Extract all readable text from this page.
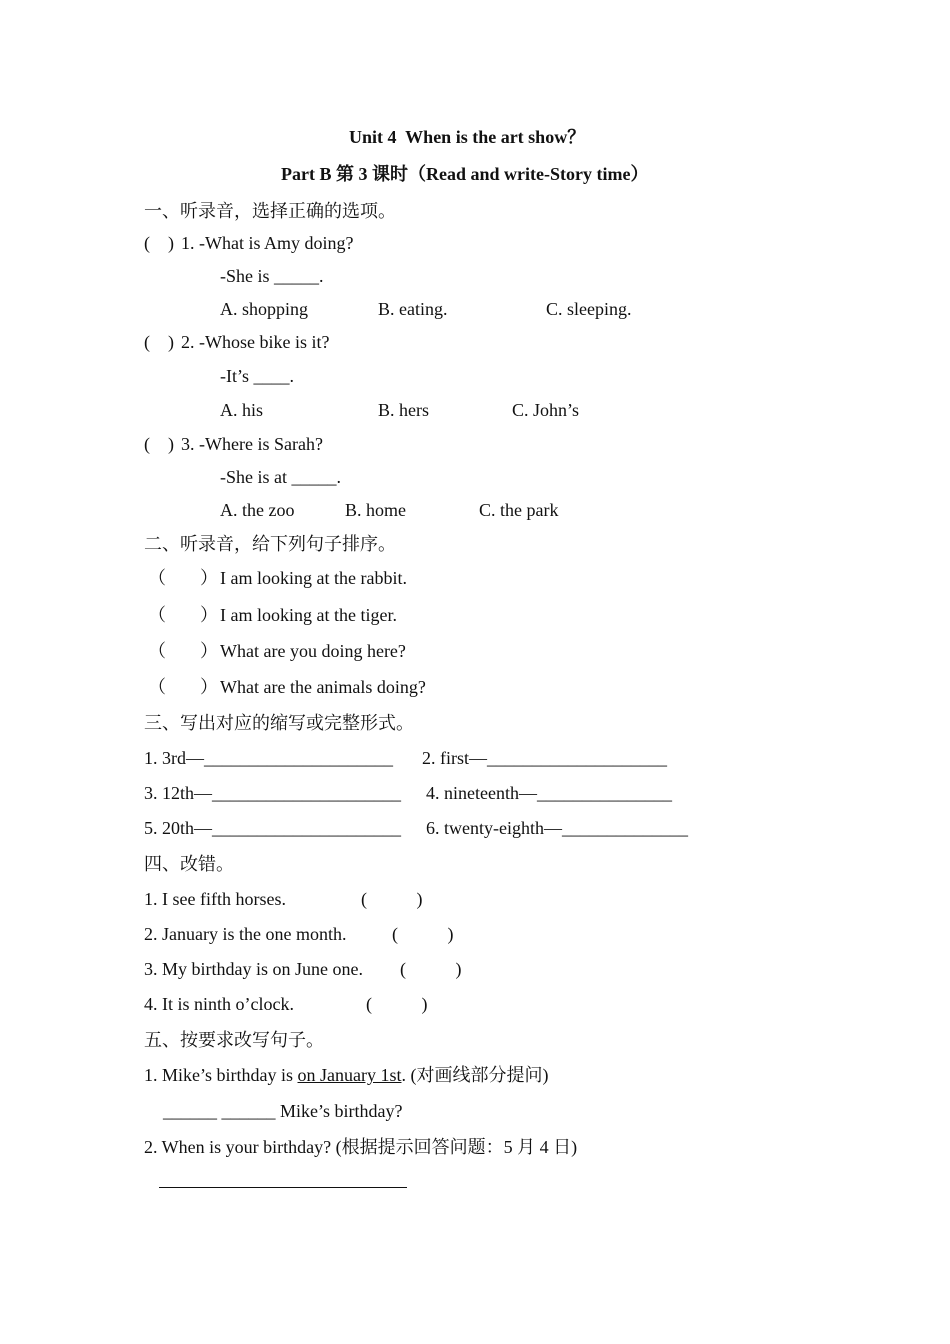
Unit 4  When is the art show？
Part B 第 3 课时（Read and write-Story time）
一、听录音，选择正确的选项。
(    ) 1. -What is Amy doing?
-She is _____.
A. shopping	B. eating.	C. sleeping.
(    ) 2. -Whose bike is it?
-It’s ____.
A. his	B. hers	C. John’s
(    ) 3. -Where is Sarah?
-She is at _____.
A. the zoo	B. home	C. the park
二、听录音，给下列句子排序。
（ ） I am looking at the rabbit.
（ ） I am looking at the tiger.
（ ） What are you doing here?
（ ） What are the animals doing?
三、写出对应的缩写或完整形式。
1. 3rd—_____________________ 2. first—____________________
3. 12th—_____________________ 4. nineteenth—_______________
5. 20th—_____________________ 6. twenty-eighth—______________
四、改错。
1. I see fifth horses.	(           )
2. January is the one month.	(           )
3. My birthday is on June one. (           )
4. It is ninth o’clock.	(           )
五、按要求改写句子。
1. Mike’s birthday is on January 1st. (对画线部分提问)
______ ______ Mike’s birthday?
2. When is your birthday? (根据提示回答问题：5 月 4 日)
